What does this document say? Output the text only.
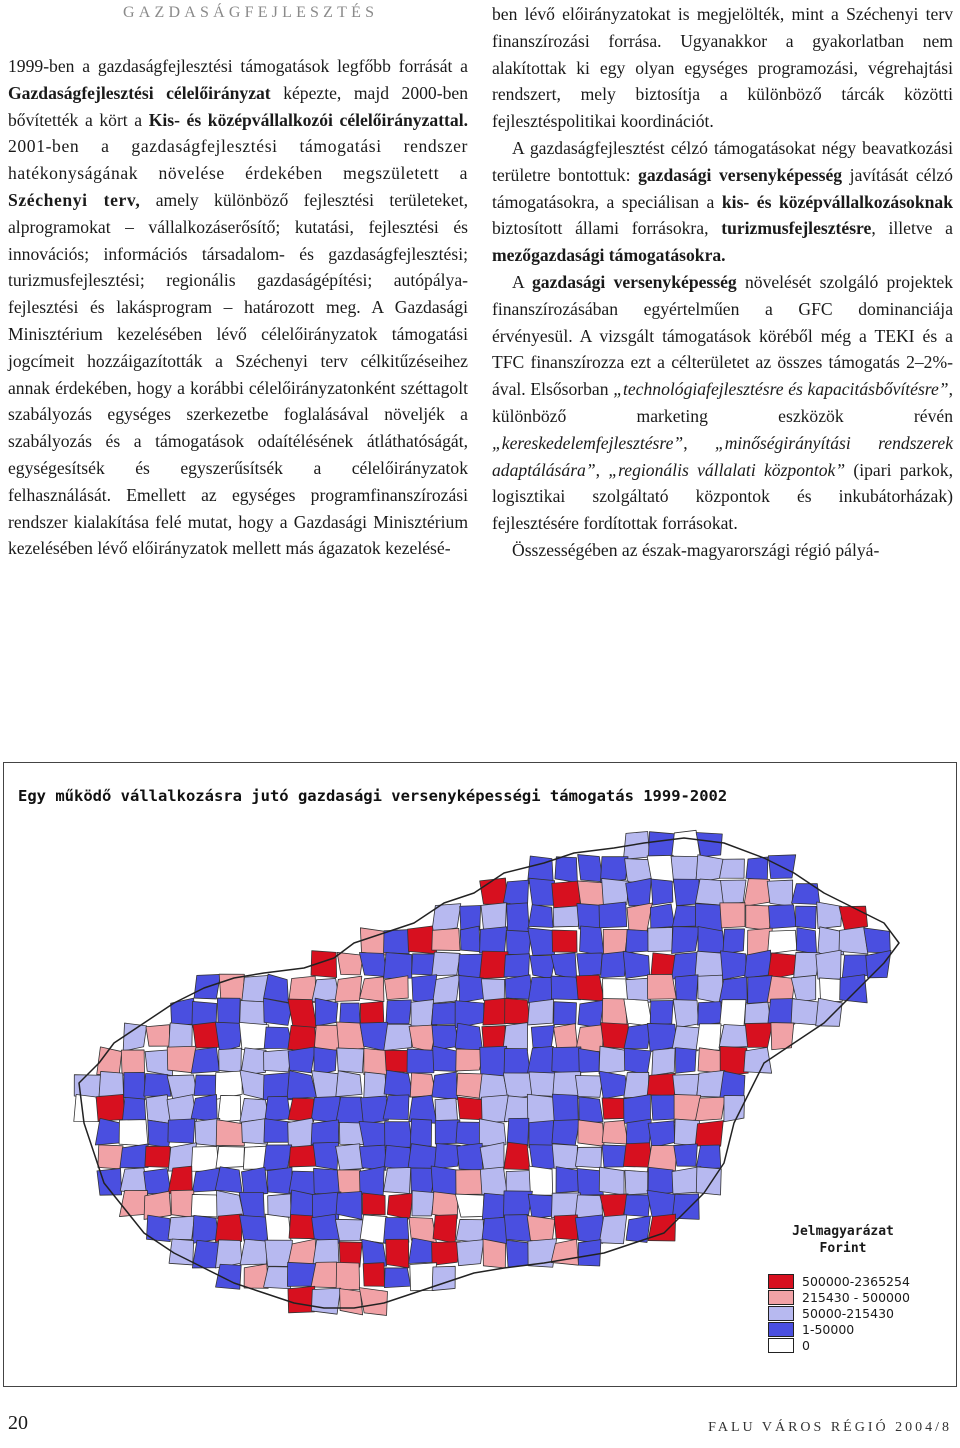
GAZDASÁGFEJLESZTÉS

1999-ben a gazdaságfejlesztési támogatások legfőbb forrását a Gazdaságfejlesztési célelőirányzat képezte, majd 2000-ben bővítették a kört a Kis- és középvállalkozói célelőirányzattal. 2001-ben a gazdaságfejlesztési támogatási rendszer hatékonyságának növelése érdekében megszületett a Széchenyi terv, amely különböző fejlesztési területeket, alprogramokat – vállalkozáserősítő; kutatási, fejlesztési és innovációs; információs társadalom- és gazdaságfejlesztési; turizmusfejlesztési; regionális gazdaságépítési; autópálya-fejlesztési és lakásprogram – határozott meg. A Gazdasági Minisztérium kezelésében lévő célelőirányzatok támogatási jogcímeit hozzáigazították a Széchenyi terv célkitűzéseihez annak érdekében, hogy a korábbi célelőirányzatonként széttagolt szabályozás egységes szerkezetbe foglalásával növeljék a szabályozás és a támogatások odaítélésének átláthatóságát, egységesítsék és egyszerűsítsék a célelőirányzatok felhasználását. Emellett az egységes programfinanszírozási rendszer kialakítása felé mutat, hogy a Gazdasági Minisztérium kezelésében lévő előirányzatok mellett más ágazatok kezelésé-

ben lévő előirányzatokat is megjelölték, mint a Széchenyi terv finanszírozási forrása. Ugyanakkor a gyakorlatban nem alakítottak ki egy olyan egységes programozási, végrehajtási rendszert, mely biztosítja a különböző tárcák közötti fejlesztéspolitikai koordinációt.

A gazdaságfejlesztést célzó támogatásokat négy beavatkozási területre bontottuk: gazdasági versenyképesség javítását célzó támogatásokra, a speciálisan a kis- és középvállalkozásoknak biztosított állami forrásokra, turizmusfejlesztésre, illetve a mezőgazdasági támogatásokra.

A gazdasági versenyképesség növelését szolgáló projektek finanszírozásában egyértelműen a GFC dominanciája érvényesül. A vizsgált támogatások köréből még a TEKI és a TFC finanszírozza ezt a célterületet az összes támogatás 2–2%-ával. Elsősorban „technológiafejlesztésre és kapacitásbővítésre”, különböző marketing eszközök révén „kereskedelemfejlesztésre”, „minőségirányítási rendszerek adaptálására”, „regionális vállalati központok” (ipari parkok, logisztikai szolgáltató központok és inkubátorházak) fejlesztésére fordítottak forrásokat.

Összességében az észak-magyarországi régió pályá-

Egy működő vállalkozásra jutó gazdasági versenyképességi támogatás 1999-2002
Jelmagyarázat
Forint
500000-2365254
215430 - 500000
50000-215430
1-50000
0
20	FALU VÁROS RÉGIÓ 2004/8
